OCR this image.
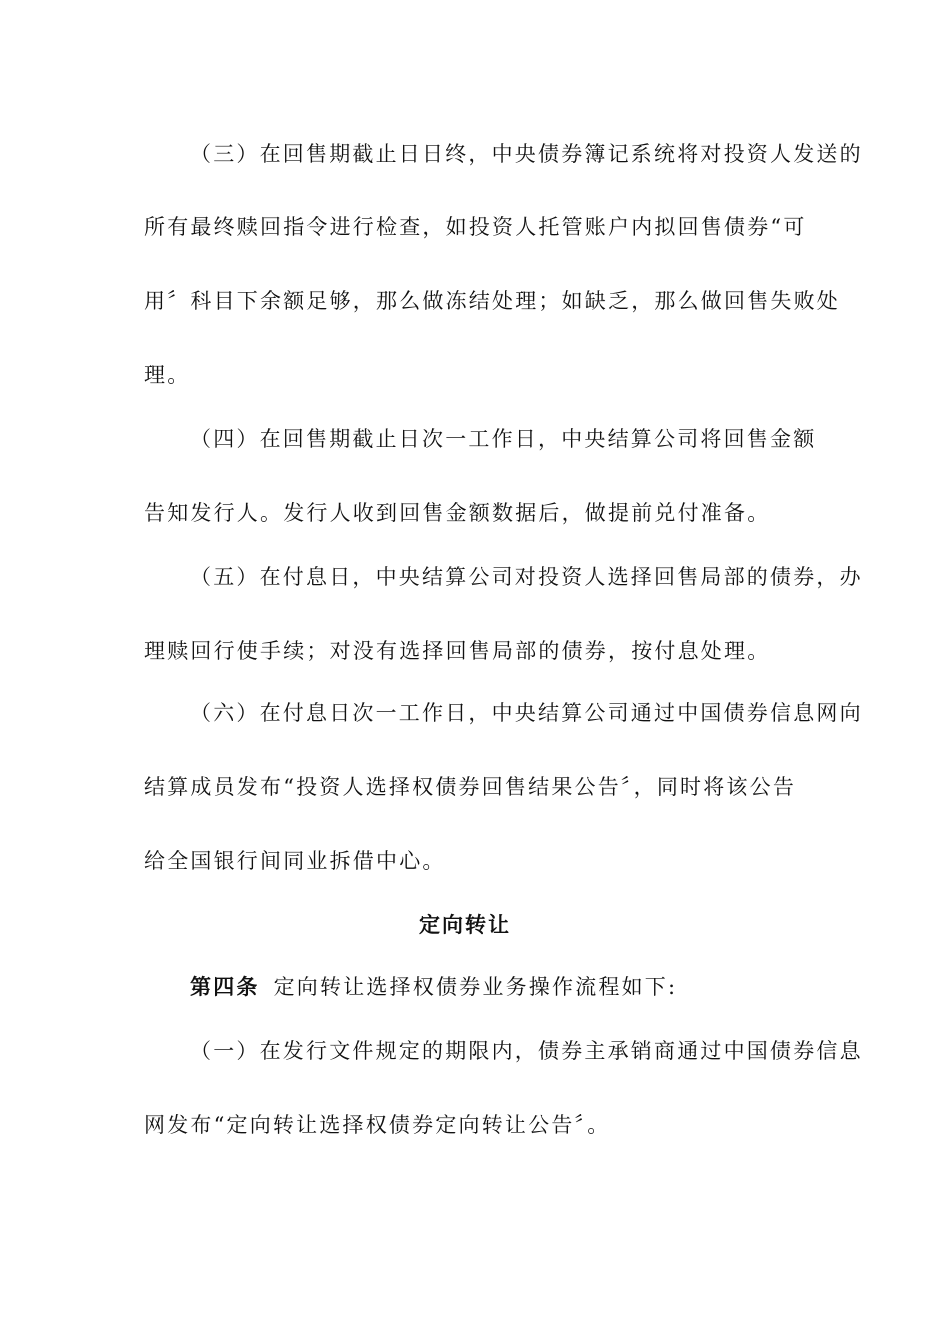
（三）在回售期截止日日终，中央债券簿记系统将对投资人发送的
所有最终赎回指令进行检查，如投资人托管账户内拟回售债券“可
用〞科目下余额足够，那么做冻结处理；如缺乏，那么做回售失败处
理。
（四）在回售期截止日次一工作日，中央结算公司将回售金额
告知发行人。发行人收到回售金额数据后，做提前兑付准备。
（五）在付息日，中央结算公司对投资人选择回售局部的债券，办
理赎回行使手续；对没有选择回售局部的债券，按付息处理。
（六）在付息日次一工作日，中央结算公司通过中国债券信息网向
结算成员发布“投资人选择权债券回售结果公告〞，同时将该公告
给全国银行间同业拆借中心。
定向转让
第四条 定向转让选择权债券业务操作流程如下:
（一）在发行文件规定的期限内，债券主承销商通过中国债券信息
网发布“定向转让选择权债券定向转让公告〞。
